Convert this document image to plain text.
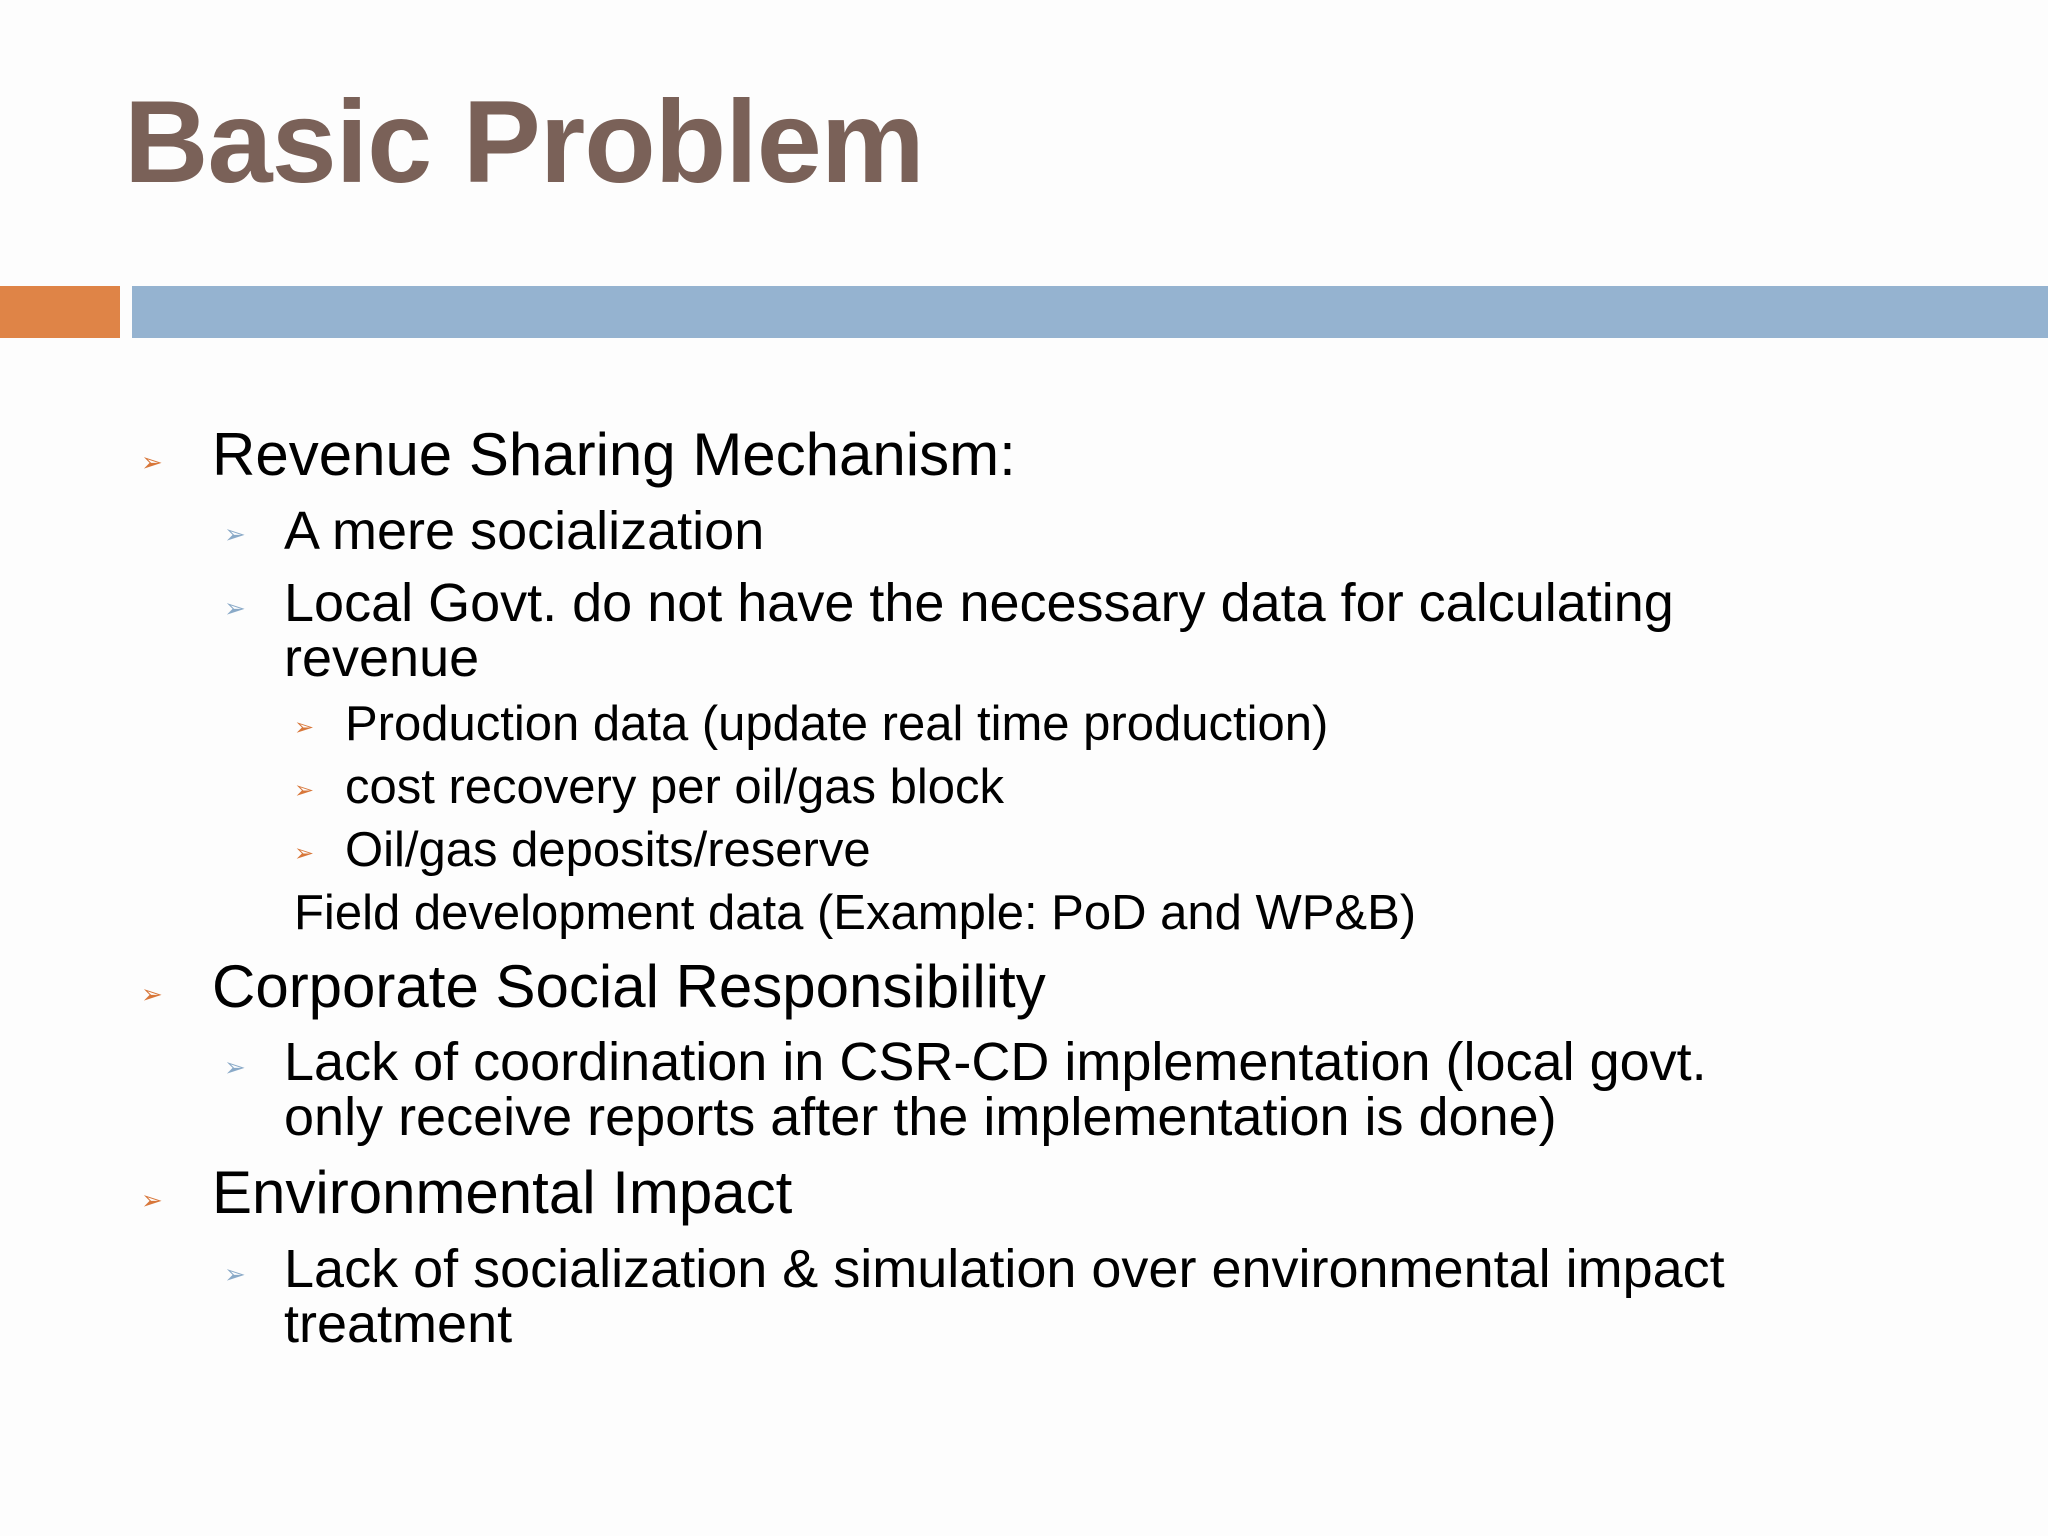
Basic Problem
➢ Revenue Sharing Mechanism:

➢ A mere socialization

➢ Local Govt. do not have the necessary data for calculating
revenue

➢ Production data (update real time production)

➢ cost recovery per oil/gas block

➢ Oil/gas deposits/reserve

Field development data (Example: PoD and WP&B)

➢ Corporate Social Responsibility

➢ Lack of coordination in CSR-CD implementation (local govt.
only receive reports after the implementation is done)

➢ Environmental Impact

➢ Lack of socialization & simulation over environmental impact
treatment
